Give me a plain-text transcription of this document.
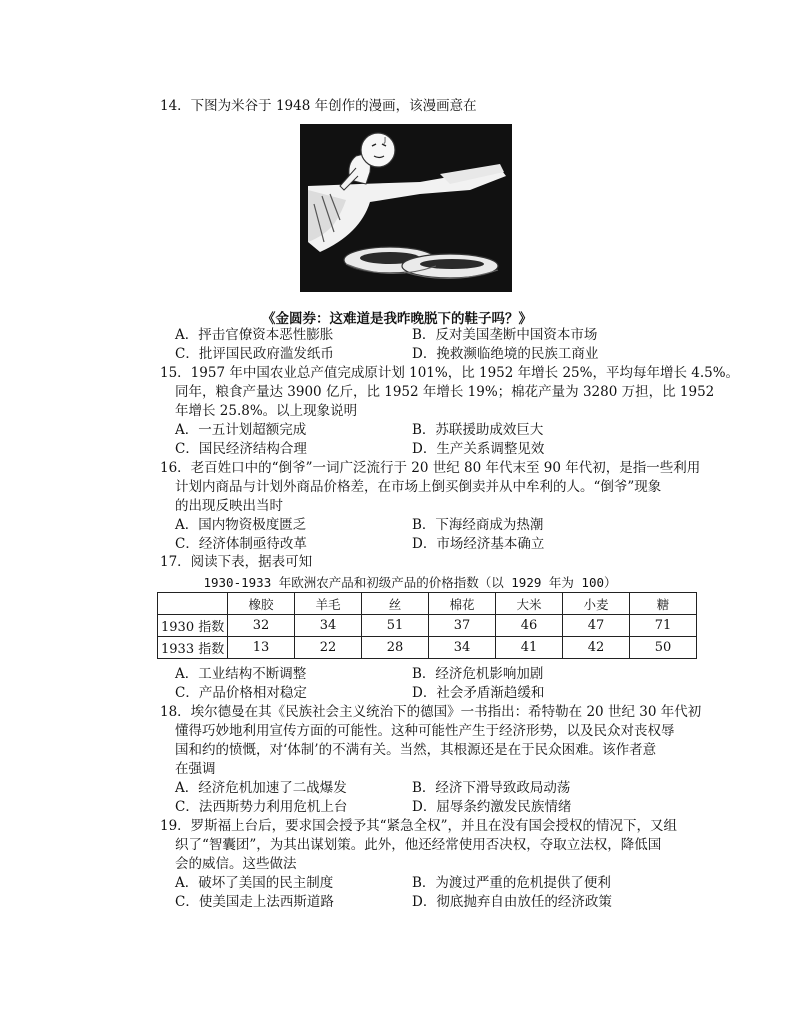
14．下图为米谷于 1948 年创作的漫画，该漫画意在
J
《金圆券：这难道是我昨晚脱下的鞋子吗？》
A．抨击官僚资本恶性膨胀	B．反对美国垄断中国资本市场
C．批评国民政府滥发纸币	D．挽救濒临绝境的民族工商业
15．1957 年中国农业总产值完成原计划 101%，比 1952 年增长 25%，平均每年增长 4.5%。
同年，粮食产量达 3900 亿斤，比 1952 年增长 19%；棉花产量为 3280 万担，比 1952
年增长 25.8%。以上现象说明
A．一五计划超额完成	B．苏联援助成效巨大
C．国民经济结构合理	D．生产关系调整见效
16．老百姓口中的“倒爷”一词广泛流行于 20 世纪 80 年代末至 90 年代初，是指一些利用
计划内商品与计划外商品价格差，在市场上倒买倒卖并从中牟利的人。“倒爷”现象
的出现反映出当时
A．国内物资极度匮乏	B．下海经商成为热潮
C．经济体制亟待改革	D．市场经济基本确立
17．阅读下表，据表可知
1930-1933 年欧洲农产品和初级产品的价格指数（以 1929 年为 100）
	橡胶	羊毛	丝	棉花	大米	小麦	糖
1930 指数	32	34	51	37	46	47	71
1933 指数	13	22	28	34	41	42	50
A．工业结构不断调整	B．经济危机影响加剧
C．产品价格相对稳定	D．社会矛盾渐趋缓和
18．埃尔德曼在其《民族社会主义统治下的德国》一书指出：希特勒在 20 世纪 30 年代初
懂得巧妙地利用宣传方面的可能性。这种可能性产生于经济形势，以及民众对丧权辱
国和约的愤慨，对‘体制’的不满有关。当然，其根源还是在于民众困难。该作者意
在强调
A．经济危机加速了二战爆发	B．经济下滑导致政局动荡
C．法西斯势力利用危机上台	D．屈辱条约激发民族情绪
19．罗斯福上台后，要求国会授予其“紧急全权”，并且在没有国会授权的情况下，又组
织了“智囊团”，为其出谋划策。此外，他还经常使用否决权，夺取立法权，降低国
会的威信。这些做法
A．破坏了美国的民主制度	B．为渡过严重的危机提供了便利
C．使美国走上法西斯道路	D．彻底抛弃自由放任的经济政策
